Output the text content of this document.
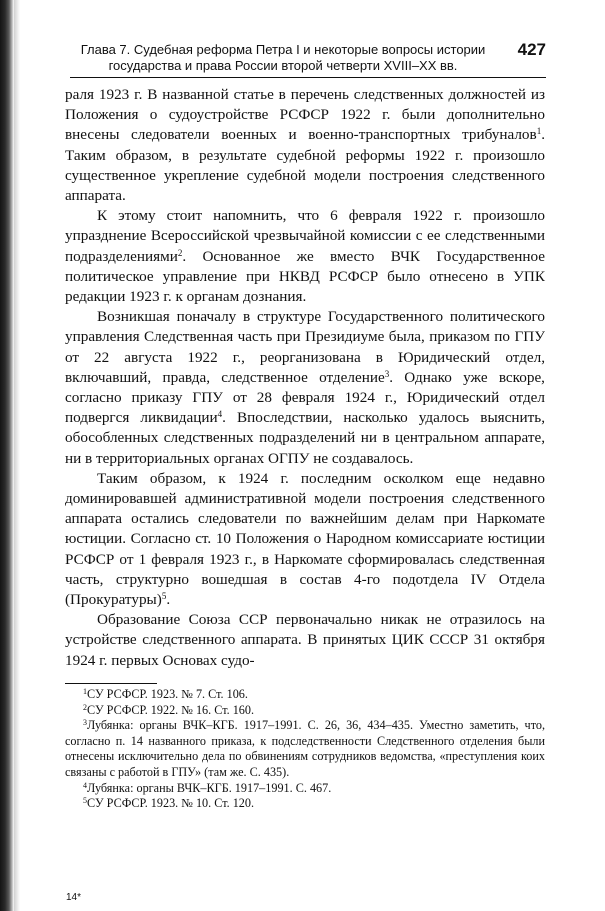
Глава 7. Судебная реформа Петра I и некоторые вопросы истории
государства и права России второй четверти XVIII–XX вв.
427

раля 1923 г. В названной статье в перечень следственных должностей из Положения о судоустройстве РСФСР 1922 г. были дополнительно внесены следователи военных и военно-транспортных трибуналов$^1$. Таким образом, в результате судебной реформы 1922 г. произошло существенное укрепление судебной модели построения следственного аппарата.

К этому стоит напомнить, что 6 февраля 1922 г. произошло упразднение Всероссийской чрезвычайной комиссии с ее следственными подразделениями$^2$. Основанное же вместо ВЧК Государственное политическое управление при НКВД РСФСР было отнесено в УПК редакции 1923 г. к органам дознания.

Возникшая поначалу в структуре Государственного политического управления Следственная часть при Президиуме была, приказом по ГПУ от 22 августа 1922 г., реорганизована в Юридический отдел, включавший, правда, следственное отделение$^3$. Однако уже вскоре, согласно приказу ГПУ от 28 февраля 1924 г., Юридический отдел подвергся ликвидации$^4$. Впоследствии, насколько удалось выяснить, обособленных следственных подразделений ни в центральном аппарате, ни в территориальных органах ОГПУ не создавалось.

Таким образом, к 1924 г. последним осколком еще недавно доминировавшей административной модели построения следственного аппарата остались следователи по важнейшим делам при Наркомате юстиции. Согласно ст. 10 Положения о Народном комиссариате юстиции РСФСР от 1 февраля 1923 г., в Наркомате сформировалась следственная часть, структурно вошедшая в состав 4-го подотдела IV Отдела (Прокуратуры)$^5$.

Образование Союза ССР первоначально никак не отразилось на устройстве следственного аппарата. В принятых ЦИК СССР 31 октября 1924 г. первых Основах судо-

$^1$СУ РСФСР. 1923. № 7. Ст. 106.

$^2$СУ РСФСР. 1922. № 16. Ст. 160.

$^3$Лубянка: органы ВЧК–КГБ. 1917–1991. С. 26, 36, 434–435. Уместно заметить, что, согласно п. 14 названного приказа, к подследственности Следственного отделения были отнесены исключительно дела по обвинениям сотрудников ведомства, «преступления коих связаны с работой в ГПУ» (там же. С. 435).

$^4$Лубянка: органы ВЧК–КГБ. 1917–1991. С. 467.

$^5$СУ РСФСР. 1923. № 10. Ст. 120.

14*
